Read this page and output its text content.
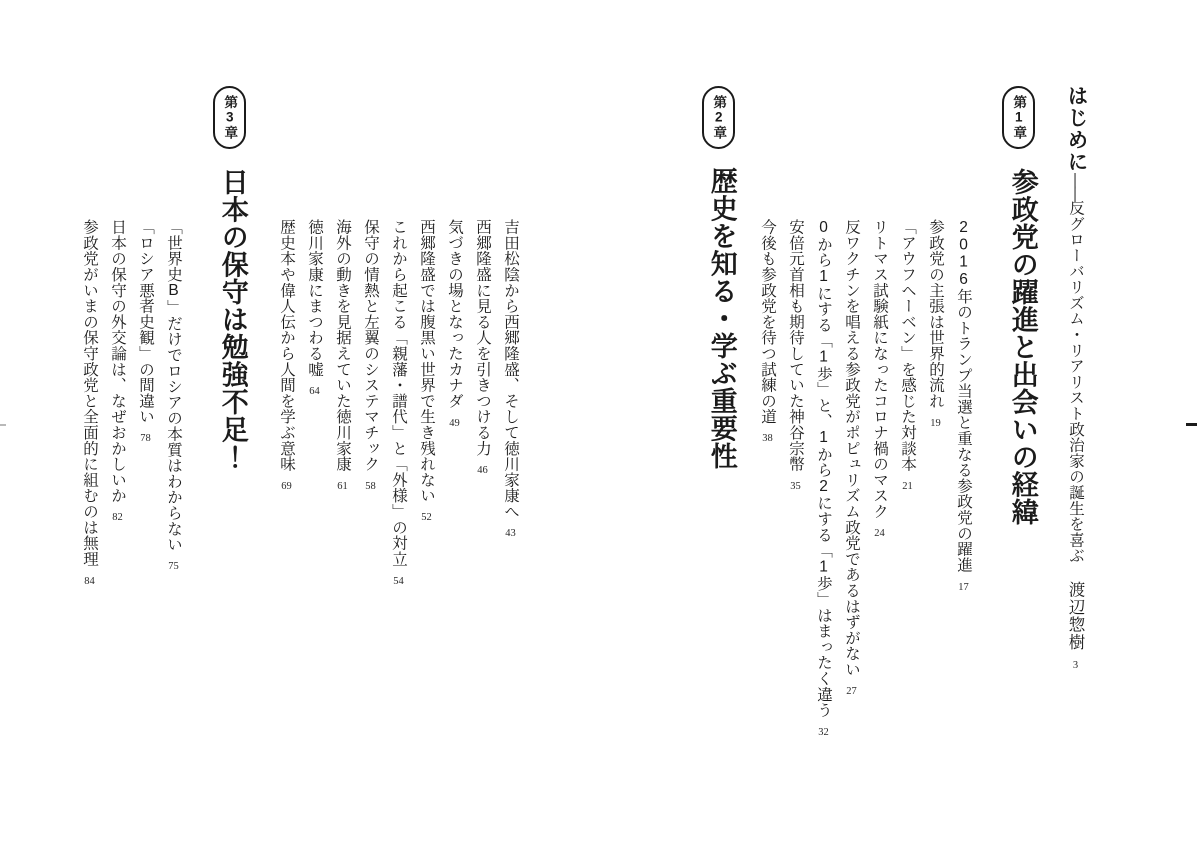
はじめに――反グローバリズム・リアリスト政治家の誕生を喜ぶ渡辺惣樹3
第1章
参政党の躍進と出会いの経緯
2016年のトランプ当選と重なる参政党の躍進17
参政党の主張は世界的流れ19
「アウフヘーベン」を感じた対談本21
リトマス試験紙になったコロナ禍のマスク24
反ワクチンを唱える参政党がポピュリズム政党であるはずがない27
0から1にする「1歩」と、1から2にする「1歩」はまったく違う32
安倍元首相も期待していた神谷宗幣35
今後も参政党を待つ試練の道38
第2章
歴史を知る・学ぶ重要性
吉田松陰から西郷隆盛、そして徳川家康へ43
西郷隆盛に見る人を引きつける力46
気づきの場となったカナダ49
西郷隆盛では腹黒い世界で生き残れない52
これから起こる「親藩・譜代」と「外様」の対立54
保守の情熱と左翼のシステマチック58
海外の動きを見据えていた徳川家康61
徳川家康にまつわる嘘64
歴史本や偉人伝から人間を学ぶ意味69
第3章
日本の保守は勉強不足！
「世界史B」だけでロシアの本質はわからない75
「ロシア悪者史観」の間違い78
日本の保守の外交論は、なぜおかしいか82
参政党がいまの保守政党と全面的に組むのは無理84
